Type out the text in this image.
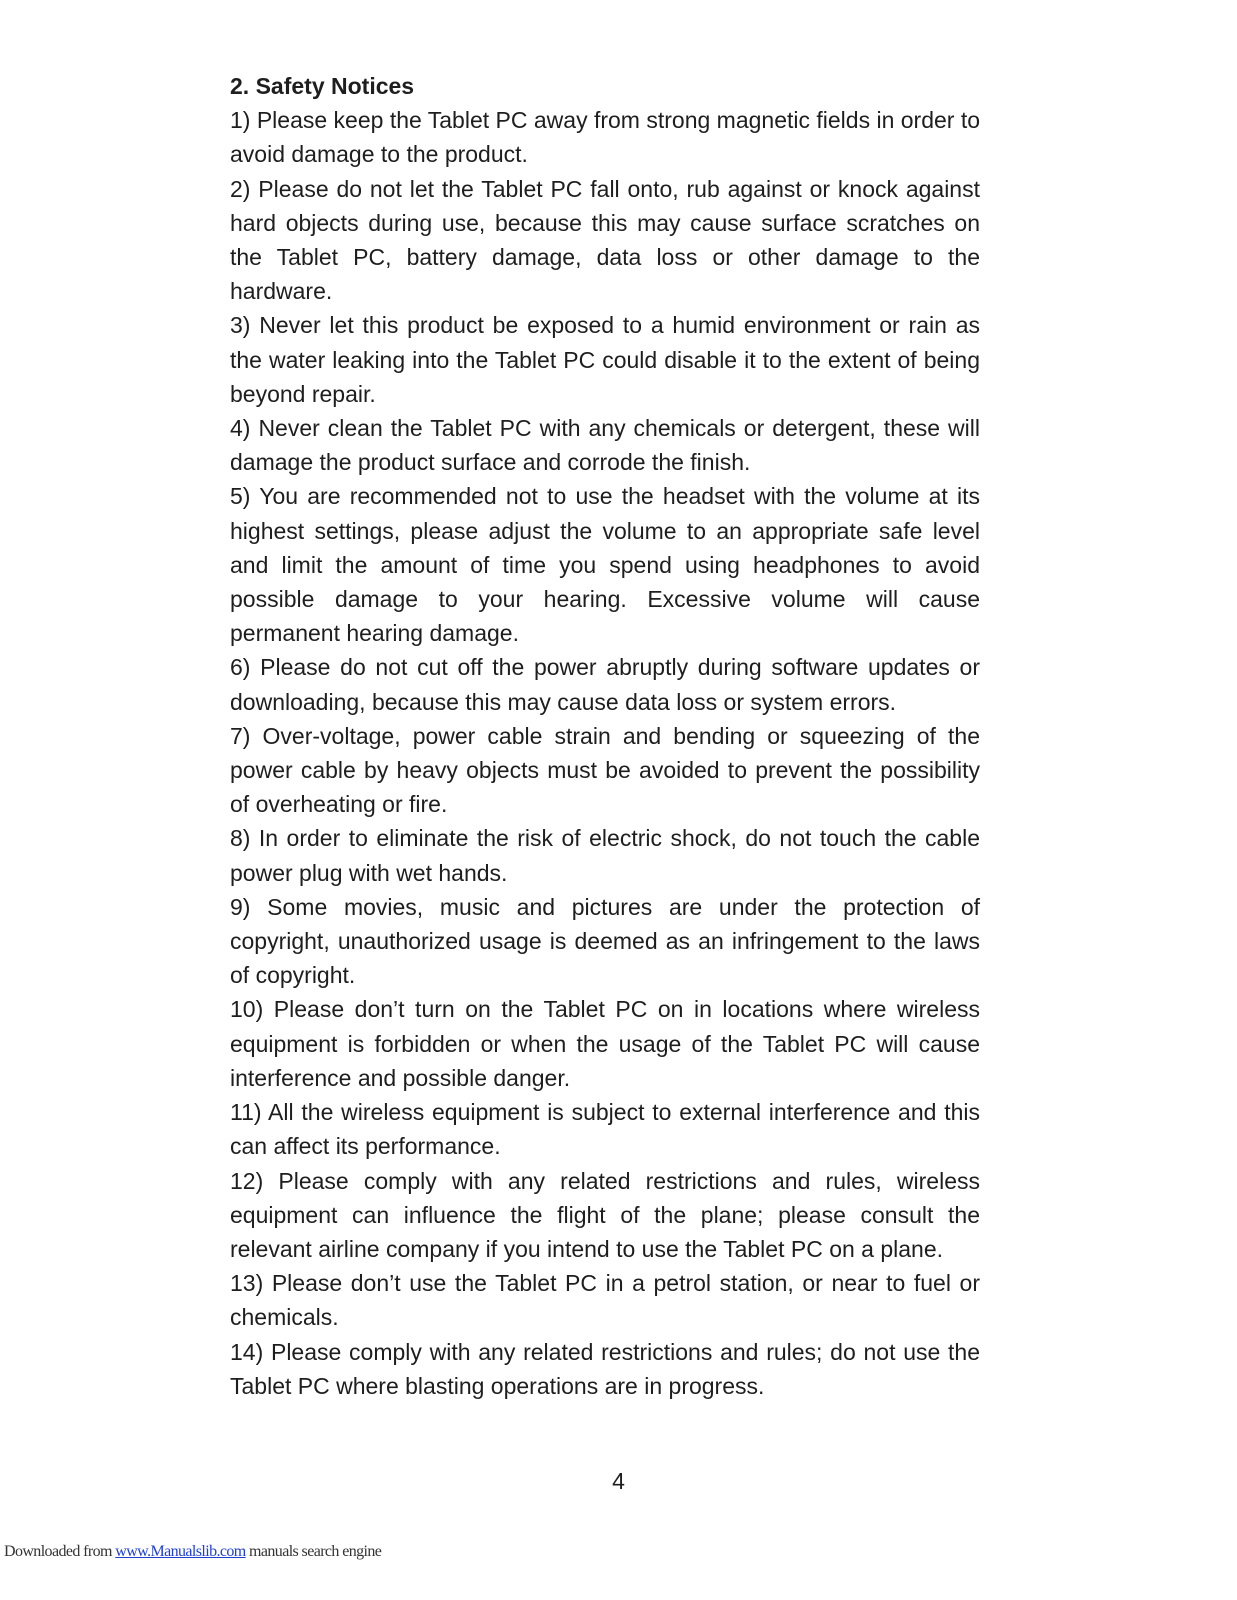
2. Safety Notices
1) Please keep the Tablet PC away from strong magnetic fields in order to avoid damage to the product.
2) Please do not let the Tablet PC fall onto, rub against or knock against hard objects during use, because this may cause surface scratches on the Tablet PC, battery damage, data loss or other damage to the hardware.
3) Never let this product be exposed to a humid environment or rain as the water leaking into the Tablet PC could disable it to the extent of being beyond repair.
4) Never clean the Tablet PC with any chemicals or detergent, these will damage the product surface and corrode the finish.
5) You are recommended not to use the headset with the volume at its highest settings, please adjust the volume to an appropriate safe level and limit the amount of time you spend using headphones to avoid possible damage to your hearing. Excessive volume will cause permanent hearing damage.
6) Please do not cut off the power abruptly during software updates or downloading, because this may cause data loss or system errors.
7) Over-voltage, power cable strain and bending or squeezing of the power cable by heavy objects must be avoided to prevent the possibility of overheating or fire.
8) In order to eliminate the risk of electric shock, do not touch the cable power plug with wet hands.
9) Some movies, music and pictures are under the protection of copyright, unauthorized usage is deemed as an infringement to the laws of copyright.
10) Please don’t turn on the Tablet PC on in locations where wireless equipment is forbidden or when the usage of the Tablet PC will cause interference and possible danger.
11) All the wireless equipment is subject to external interference and this can affect its performance.
12) Please comply with any related restrictions and rules, wireless equipment can influence the flight of the plane; please consult the relevant airline company if you intend to use the Tablet PC on a plane.
13) Please don’t use the Tablet PC in a petrol station, or near to fuel or chemicals.
14) Please comply with any related restrictions and rules; do not use the Tablet PC where blasting operations are in progress.
4
Downloaded from www.Manualslib.com manuals search engine
